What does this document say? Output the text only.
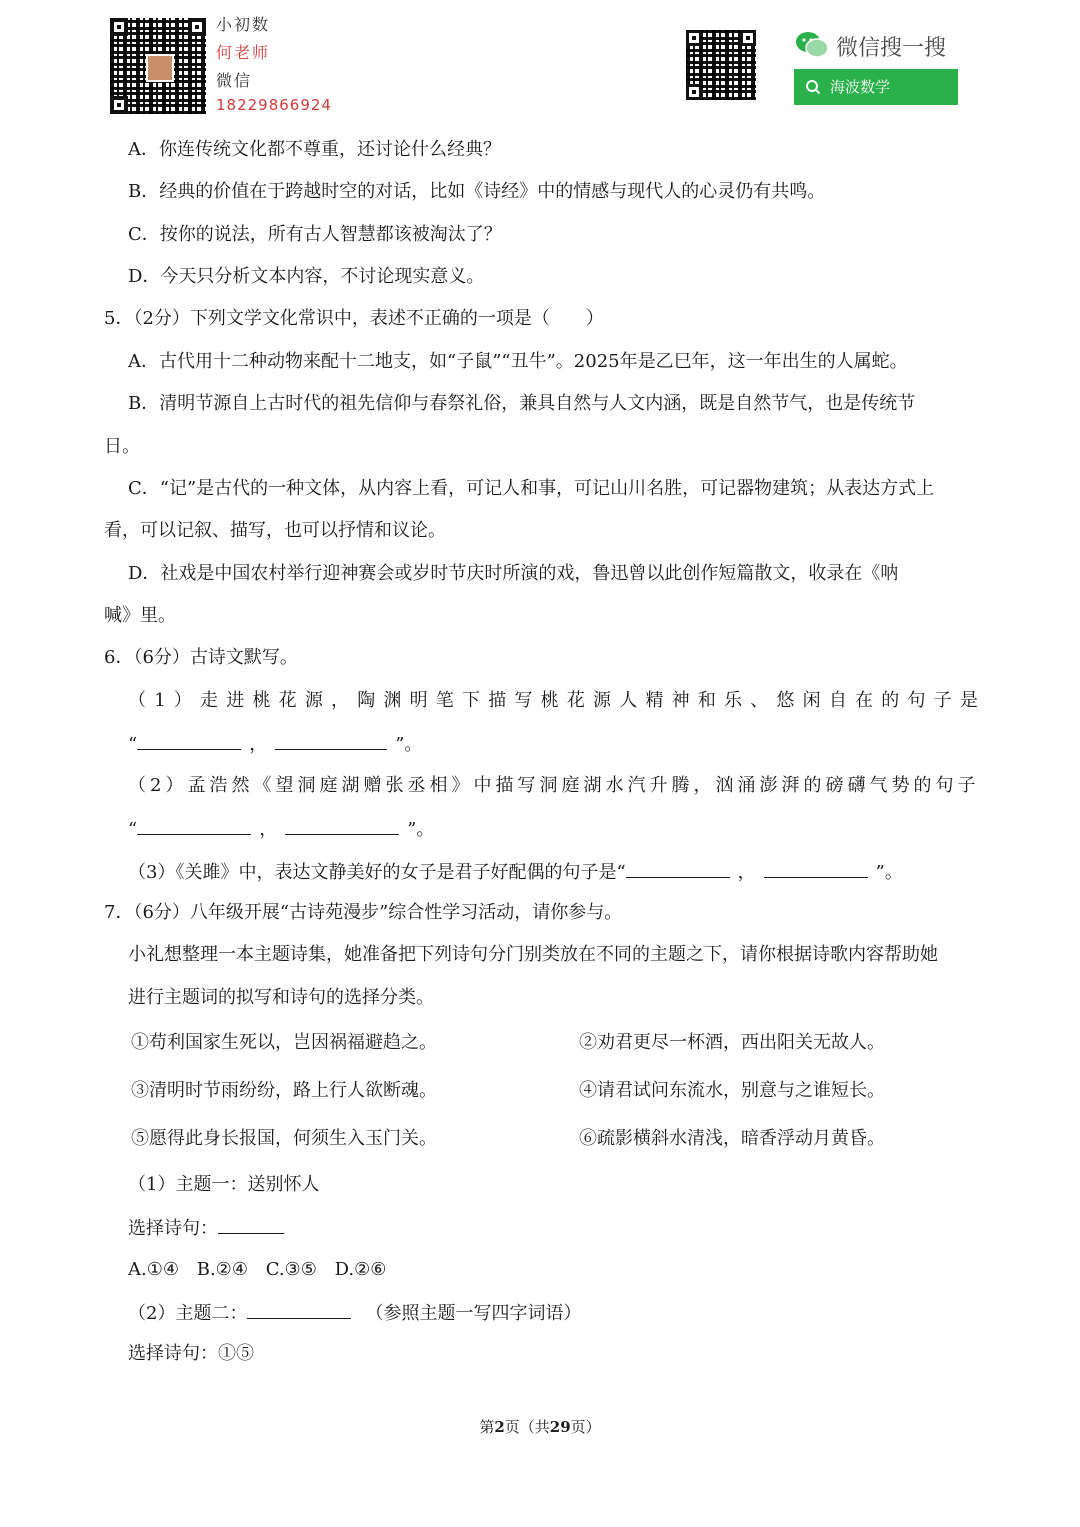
小初数
何老师
微信
18229866924
微信搜一搜
海波数学
A．你连传统文化都不尊重，还讨论什么经典？
B．经典的价值在于跨越时空的对话，比如《诗经》中的情感与现代人的心灵仍有共鸣。
C．按你的说法，所有古人智慧都该被淘汰了？
D．今天只分析文本内容，不讨论现实意义。
5．（2分）下列文学文化常识中，表述不正确的一项是（　　）
A．古代用十二种动物来配十二地支，如“子鼠”“丑牛”。2025年是乙巳年，这一年出生的人属蛇。
B．清明节源自上古时代的祖先信仰与春祭礼俗，兼具自然与人文内涵，既是自然节气，也是传统节
日。
C．“记”是古代的一种文体，从内容上看，可记人和事，可记山川名胜，可记器物建筑；从表达方式上
看，可以记叙、描写，也可以抒情和议论。
D．社戏是中国农村举行迎神赛会或岁时节庆时所演的戏，鲁迅曾以此创作短篇散文，收录在《呐
喊》里。
6．（6分）古诗文默写。
（1）走进桃花源，陶渊明笔下描写桃花源人精神和乐、悠闲自在的句子是
“	，	”。
（2）孟浩然《望洞庭湖赠张丞相》中描写洞庭湖水汽升腾，汹涌澎湃的磅礴气势的句子
“	，	”。
（3）《关雎》中，表达文静美好的女子是君子好配偶的句子是“	，	”。
7．（6分）八年级开展“古诗苑漫步”综合性学习活动，请你参与。
小礼想整理一本主题诗集，她准备把下列诗句分门别类放在不同的主题之下，请你根据诗歌内容帮助她
进行主题词的拟写和诗句的选择分类。
①苟利国家生死以，岂因祸福避趋之。	②劝君更尽一杯酒，西出阳关无故人。
③清明时节雨纷纷，路上行人欲断魂。	④请君试问东流水，别意与之谁短长。
⑤愿得此身长报国，何须生入玉门关。	⑥疏影横斜水清浅，暗香浮动月黄昏。
（1）主题一：送别怀人
选择诗句：
A.①④ B.②④ C.③⑤ D.②⑥
（2）主题二：	（参照主题一写四字词语）
选择诗句：①⑤
第2页（共29页）
